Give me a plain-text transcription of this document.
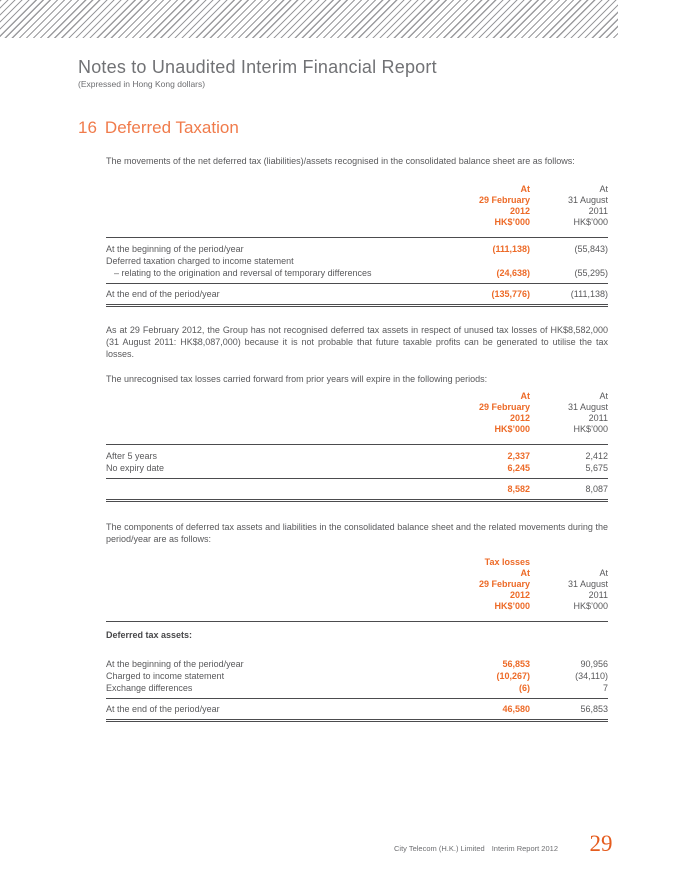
Notes to Unaudited Interim Financial Report
(Expressed in Hong Kong dollars)
16 Deferred Taxation

The movements of the net deferred tax (liabilities)/assets recognised in the consolidated balance sheet are as follows:

At
29 February
2012
HK$’000
At
31 August
2011
HK$’000
At the beginning of the period/year	(111,138)	(55,843)
Deferred taxation charged to income statement
– relating to the origination and reversal of temporary differences	(24,638)	(55,295)
At the end of the period/year	(135,776)	(111,138)

As at 29 February 2012, the Group has not recognised deferred tax assets in respect of unused tax losses of HK$8,582,000 (31 August 2011: HK$8,087,000) because it is not probable that future taxable profits can be generated to utilise the tax losses.

The unrecognised tax losses carried forward from prior years will expire in the following periods:

At
29 February
2012
HK$’000
At
31 August
2011
HK$’000
After 5 years	2,337	2,412
No expiry date	6,245	5,675
8,582	8,087

The components of deferred tax assets and liabilities in the consolidated balance sheet and the related movements during the period/year are as follows:

Tax losses
At
29 February
2012
HK$’000
At
31 August
2011
HK$’000
Deferred tax assets:
At the beginning of the period/year	56,853	90,956
Charged to income statement	(10,267)	(34,110)
Exchange differences	(6)	7
At the end of the period/year	46,580	56,853
City Telecom (H.K.) Limited Interim Report 2012 29
